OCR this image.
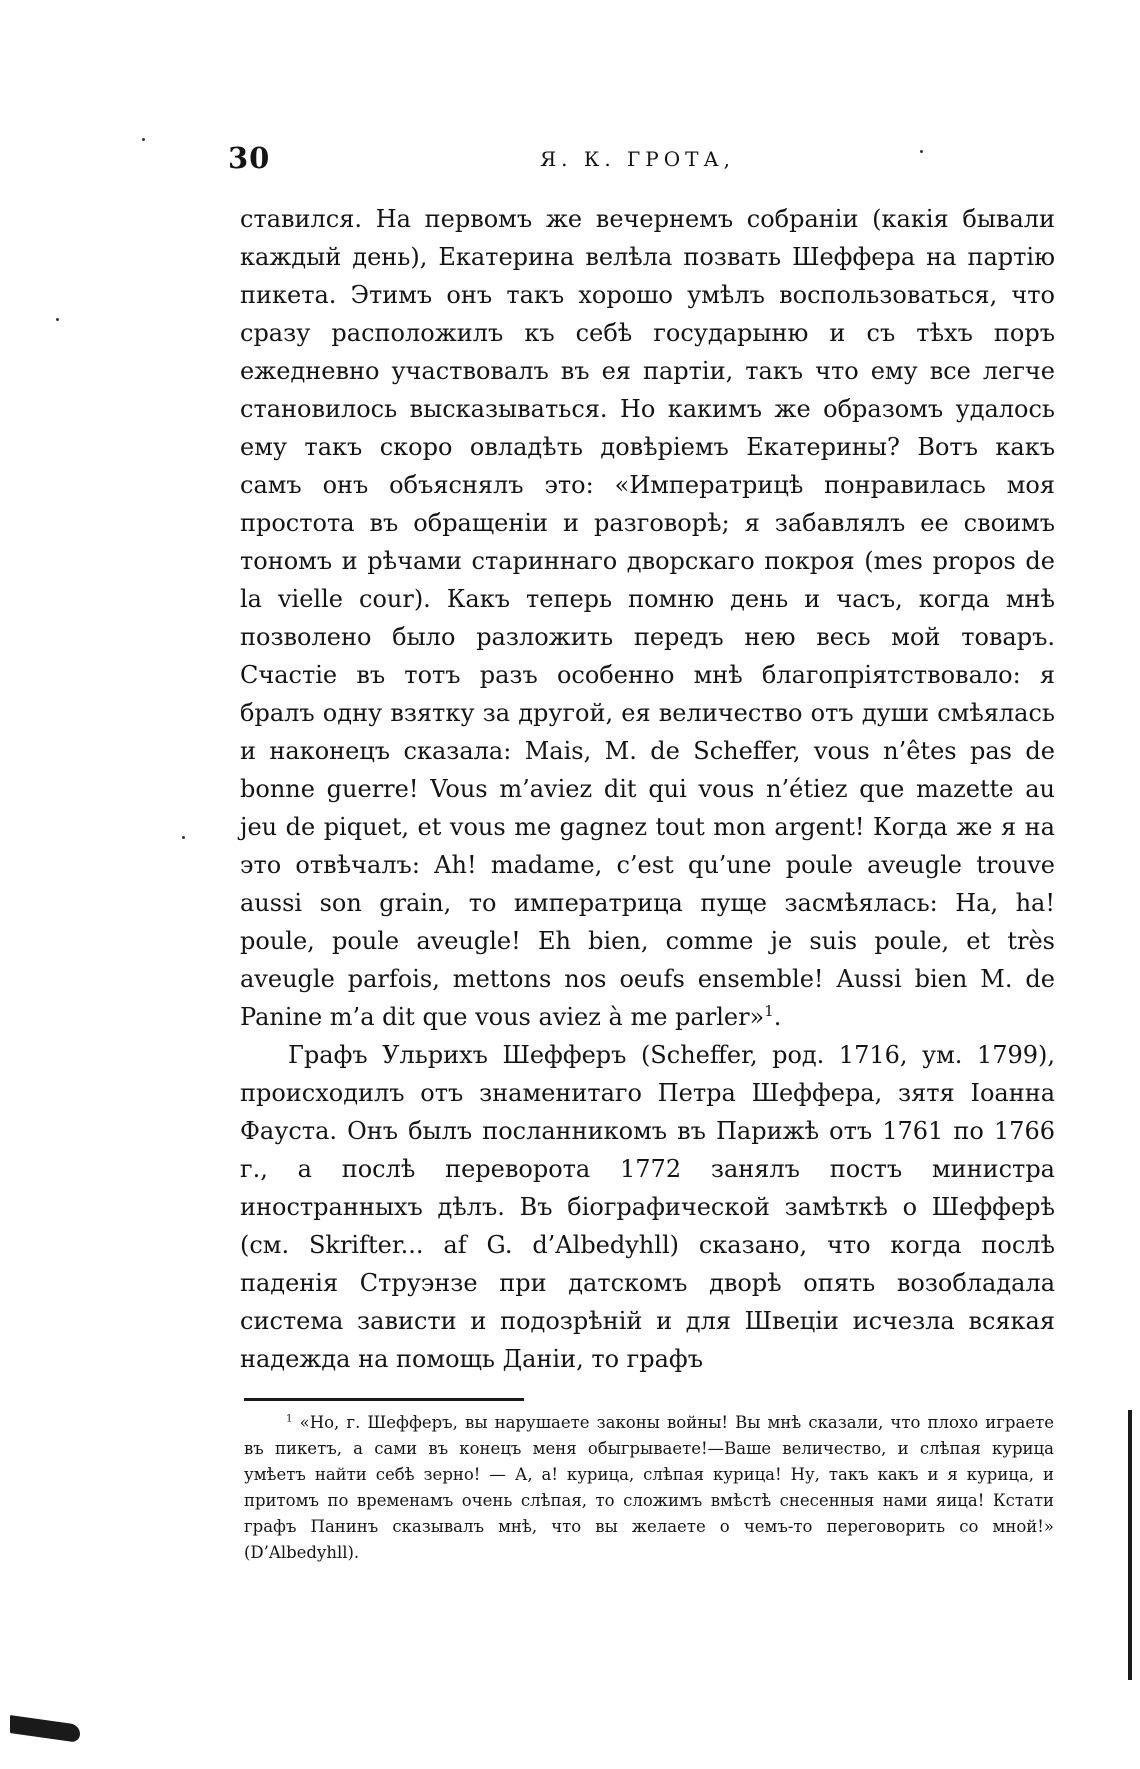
30	Я. К. ГРОТА,

ставился. На первомъ же вечернемъ собраніи (какія бывали каждый день), Екатерина велѣла позвать Шеффера на партію пикета. Этимъ онъ такъ хорошо умѣлъ воспользоваться, что сразу расположилъ къ себѣ государыню и съ тѣхъ поръ ежедневно участвовалъ въ ея партіи, такъ что ему все легче становилось высказываться. Но какимъ же образомъ удалось ему такъ скоро овладѣть довѣріемъ Екатерины? Вотъ какъ самъ онъ объяснялъ это: «Императрицѣ понравилась моя простота въ обращеніи и разговорѣ; я забавлялъ ее своимъ тономъ и рѣчами стариннаго дворскаго покроя (mes propos de la vielle cour). Какъ теперь помню день и часъ, когда мнѣ позволено было разложить передъ нею весь мой товаръ. Счастіе въ тотъ разъ особенно мнѣ благопріятствовало: я бралъ одну взятку за другой, ея величество отъ души смѣялась и наконецъ сказала: Mais, M. de Scheffer, vous n’êtes pas de bonne guerre! Vous m’aviez dit qui vous n’étiez que mazette au jeu de piquet, et vous me gagnez tout mon argent! Когда же я на это отвѣчалъ: Ah! madame, c’est qu’une poule aveugle trouve aussi son grain, то императрица пуще засмѣялась: Ha, ha! poule, poule aveugle! Eh bien, comme je suis poule, et très aveugle parfois, mettons nos oeufs ensemble! Aussi bien M. de Panine m’a dit que vous aviez à me parler»$^1$.

Графъ Ульрихъ Шефферъ (Scheffer, род. 1716, ум. 1799), происходилъ отъ знаменитаго Петра Шеффера, зятя Іоанна Фауста. Онъ былъ посланникомъ въ Парижѣ отъ 1761 по 1766 г., а послѣ переворота 1772 занялъ постъ министра иностранныхъ дѣлъ. Въ біографической замѣткѣ о Шефферѣ (см. Skrifter... af G. d’Albedyhll) сказано, что когда послѣ паденія Струэнзе при датскомъ дворѣ опять возобладала система зависти и подозрѣній и для Швеціи исчезла всякая надежда на помощь Даніи, то графъ

$^1$ «Но, г. Шефферъ, вы нарушаете законы войны! Вы мнѣ сказали, что плохо играете въ пикетъ, а сами въ конецъ меня обыгрываете!—Ваше величество, и слѣпая курица умѣетъ найти себѣ зерно! — А, а! курица, слѣпая курица! Ну, такъ какъ и я курица, и притомъ по временамъ очень слѣпая, то сложимъ вмѣстѣ снесенныя нами яица! Кстати графъ Панинъ сказывалъ мнѣ, что вы желаете о чемъ-то переговорить со мной!» (D’Albedyhll).
